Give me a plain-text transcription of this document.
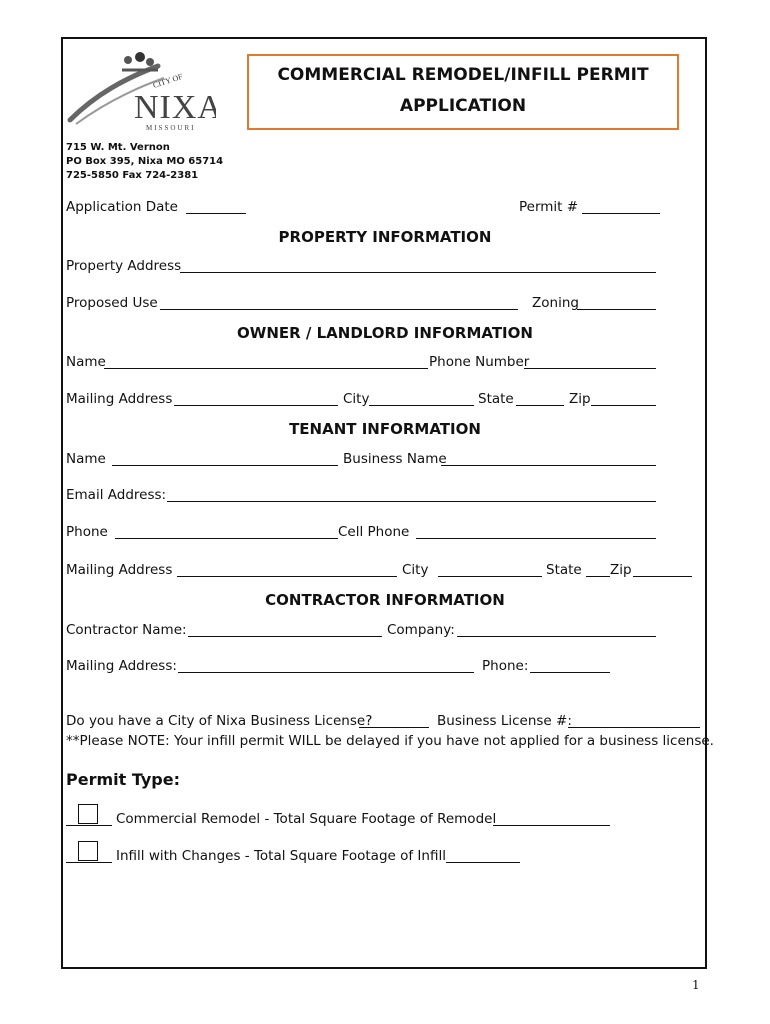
CITY OF
NIXA
MISSOURI
COMMERCIAL REMODEL/INFILL PERMIT
APPLICATION
715 W. Mt. Vernon
PO Box 395, Nixa MO 65714
725-5850 Fax 724-2381
Application Date	Permit #
PROPERTY INFORMATION
Property Address
Proposed Use	Zoning
OWNER / LANDLORD INFORMATION
Name	Phone Number
Mailing Address	City	State	Zip
TENANT INFORMATION
Name	Business Name
Email Address:
Phone	Cell Phone
Mailing Address	City	State Zip
CONTRACTOR INFORMATION
Contractor Name:	Company:
Mailing Address:	Phone:
Do you have a City of Nixa Business License?	Business License #:
**Please NOTE: Your infill permit WILL be delayed if you have not applied for a business license.
Permit Type:
Commercial Remodel - Total Square Footage of Remodel
Infill with Changes - Total Square Footage of Infill
1
